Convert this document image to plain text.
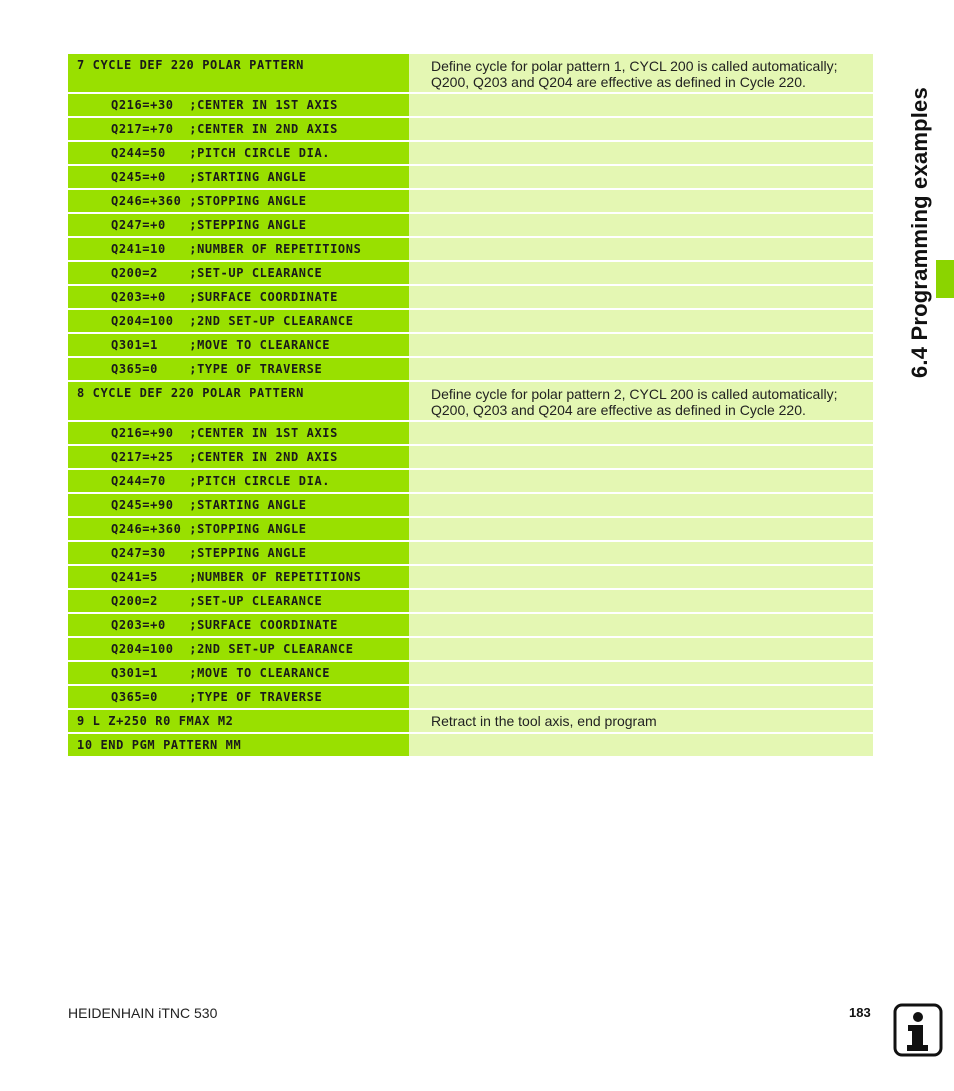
7 CYCLE DEF 220 POLAR PATTERN	Define cycle for polar pattern 1, CYCL 200 is called automatically; Q200, Q203 and Q204 are effective as defined in Cycle 220.
Q216=+30  ;CENTER IN 1ST AXIS
Q217=+70  ;CENTER IN 2ND AXIS
Q244=50   ;PITCH CIRCLE DIA.
Q245=+0   ;STARTING ANGLE
Q246=+360 ;STOPPING ANGLE
Q247=+0   ;STEPPING ANGLE
Q241=10   ;NUMBER OF REPETITIONS
Q200=2    ;SET-UP CLEARANCE
Q203=+0   ;SURFACE COORDINATE
Q204=100  ;2ND SET-UP CLEARANCE
Q301=1    ;MOVE TO CLEARANCE
Q365=0    ;TYPE OF TRAVERSE
8 CYCLE DEF 220 POLAR PATTERN	Define cycle for polar pattern 2, CYCL 200 is called automatically; Q200, Q203 and Q204 are effective as defined in Cycle 220.
Q216=+90  ;CENTER IN 1ST AXIS
Q217=+25  ;CENTER IN 2ND AXIS
Q244=70   ;PITCH CIRCLE DIA.
Q245=+90  ;STARTING ANGLE
Q246=+360 ;STOPPING ANGLE
Q247=30   ;STEPPING ANGLE
Q241=5    ;NUMBER OF REPETITIONS
Q200=2    ;SET-UP CLEARANCE
Q203=+0   ;SURFACE COORDINATE
Q204=100  ;2ND SET-UP CLEARANCE
Q301=1    ;MOVE TO CLEARANCE
Q365=0    ;TYPE OF TRAVERSE
9 L Z+250 R0 FMAX M2	Retract in the tool axis, end program
10 END PGM PATTERN MM
6.4 Programming examples
HEIDENHAIN iTNC 530	183
